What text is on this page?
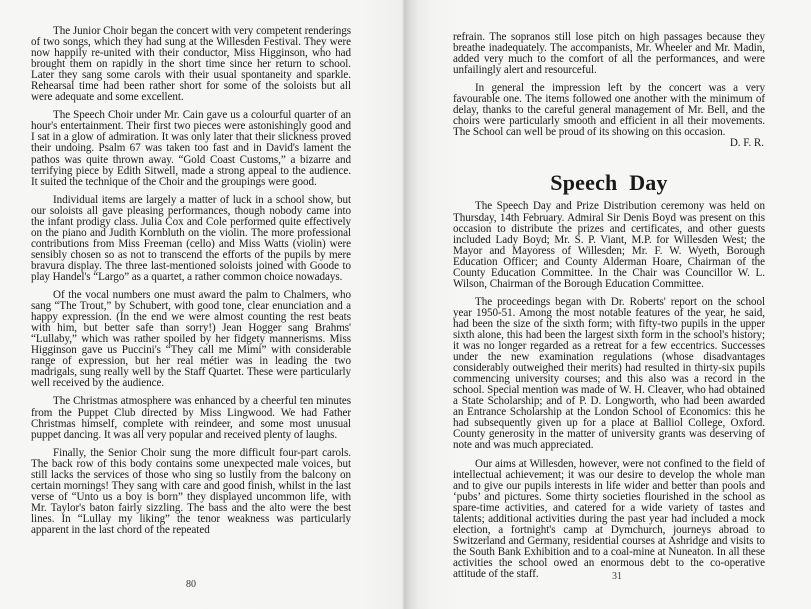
The Junior Choir began the concert with very competent renderings of two songs, which they had sung at the Willesden Festival. They were now happily re-united with their conductor, Miss Higginson, who had brought them on rapidly in the short time since her return to school. Later they sang some carols with their usual spontaneity and sparkle. Rehearsal time had been rather short for some of the soloists but all were adequate and some excellent.

The Speech Choir under Mr. Cain gave us a colourful quarter of an hour's entertainment. Their first two pieces were astonishingly good and I sat in a glow of admiration. It was only later that their slickness proved their undoing. Psalm 67 was taken too fast and in David's lament the pathos was quite thrown away. “Gold Coast Customs,” a bizarre and terrifying piece by Edith Sitwell, made a strong appeal to the audience. It suited the technique of the Choir and the groupings were good.

Individual items are largely a matter of luck in a school show, but our soloists all gave pleasing performances, though nobody came into the infant prodigy class. Julia Cox and Cole performed quite effectively on the piano and Judith Kornbluth on the violin. The more professional contributions from Miss Freeman (cello) and Miss Watts (violin) were sensibly chosen so as not to transcend the efforts of the pupils by mere bravura display. The three last-mentioned soloists joined with Goode to play Handel's “Largo” as a quartet, a rather common choice nowadays.

Of the vocal numbers one must award the palm to Chalmers, who sang “The Trout,” by Schubert, with good tone, clear enunciation and a happy expression. (In the end we were almost counting the rest beats with him, but better safe than sorry!) Jean Hogger sang Brahms' “Lullaby,” which was rather spoiled by her fidgety mannerisms. Miss Higginson gave us Puccini's “They call me Mimi” with considerable range of expression, but her real métier was in leading the two madrigals, sung really well by the Staff Quartet. These were particularly well received by the audience.

The Christmas atmosphere was enhanced by a cheerful ten minutes from the Puppet Club directed by Miss Lingwood. We had Father Christmas himself, complete with reindeer, and some most unusual puppet dancing. It was all very popular and received plenty of laughs.

Finally, the Senior Choir sung the more difficult four-part carols. The back row of this body contains some unexpected male voices, but still lacks the services of those who sing so lustily from the balcony on certain mornings! They sang with care and good finish, whilst in the last verse of “Unto us a boy is born” they displayed uncommon life, with Mr. Taylor's baton fairly sizzling. The bass and the alto were the best lines. In “Lullay my liking” the tenor weakness was particularly apparent in the last chord of the repeated

80

refrain. The sopranos still lose pitch on high passages because they breathe inadequately. The accompanists, Mr. Wheeler and Mr. Madin, added very much to the comfort of all the performances, and were unfailingly alert and resourceful.

In general the impression left by the concert was a very favourable one. The items followed one another with the minimum of delay, thanks to the careful general management of Mr. Bell, and the choirs were particularly smooth and efficient in all their movements. The School can well be proud of its showing on this occasion.

D. F. R.
Speech Day

The Speech Day and Prize Distribution ceremony was held on Thursday, 14th February. Admiral Sir Denis Boyd was present on this occasion to distribute the prizes and certificates, and other guests included Lady Boyd; Mr. S. P. Viant, M.P. for Willesden West; the Mayor and Mayoress of Willesden; Mr. F. W. Wyeth, Borough Education Officer; and County Alderman Hoare, Chairman of the County Education Committee. In the Chair was Councillor W. L. Wilson, Chairman of the Borough Education Committee.

The proceedings began with Dr. Roberts' report on the school year 1950-51. Among the most notable features of the year, he said, had been the size of the sixth form; with fifty-two pupils in the upper sixth alone, this had been the largest sixth form in the school's history; it was no longer regarded as a retreat for a few eccentrics. Successes under the new examination regulations (whose disadvantages considerably outweighed their merits) had resulted in thirty-six pupils commencing university courses; and this also was a record in the school. Special mention was made of W. H. Cleaver, who had obtained a State Scholarship; and of P. D. Longworth, who had been awarded an Entrance Scholarship at the London School of Economics: this he had subsequently given up for a place at Balliol College, Oxford. County generosity in the matter of university grants was deserving of note and was much appreciated.

Our aims at Willesden, however, were not confined to the field of intellectual achievement; it was our desire to develop the whole man and to give our pupils interests in life wider and better than pools and ‘pubs’ and pictures. Some thirty societies flourished in the school as spare-time activities, and catered for a wide variety of tastes and talents; additional activities during the past year had included a mock election, a fortnight's camp at Dymchurch, journeys abroad to Switzerland and Germany, residential courses at Ashridge and visits to the South Bank Exhibition and to a coal-mine at Nuneaton. In all these activities the school owed an enormous debt to the co-operative attitude of the staff.	31
